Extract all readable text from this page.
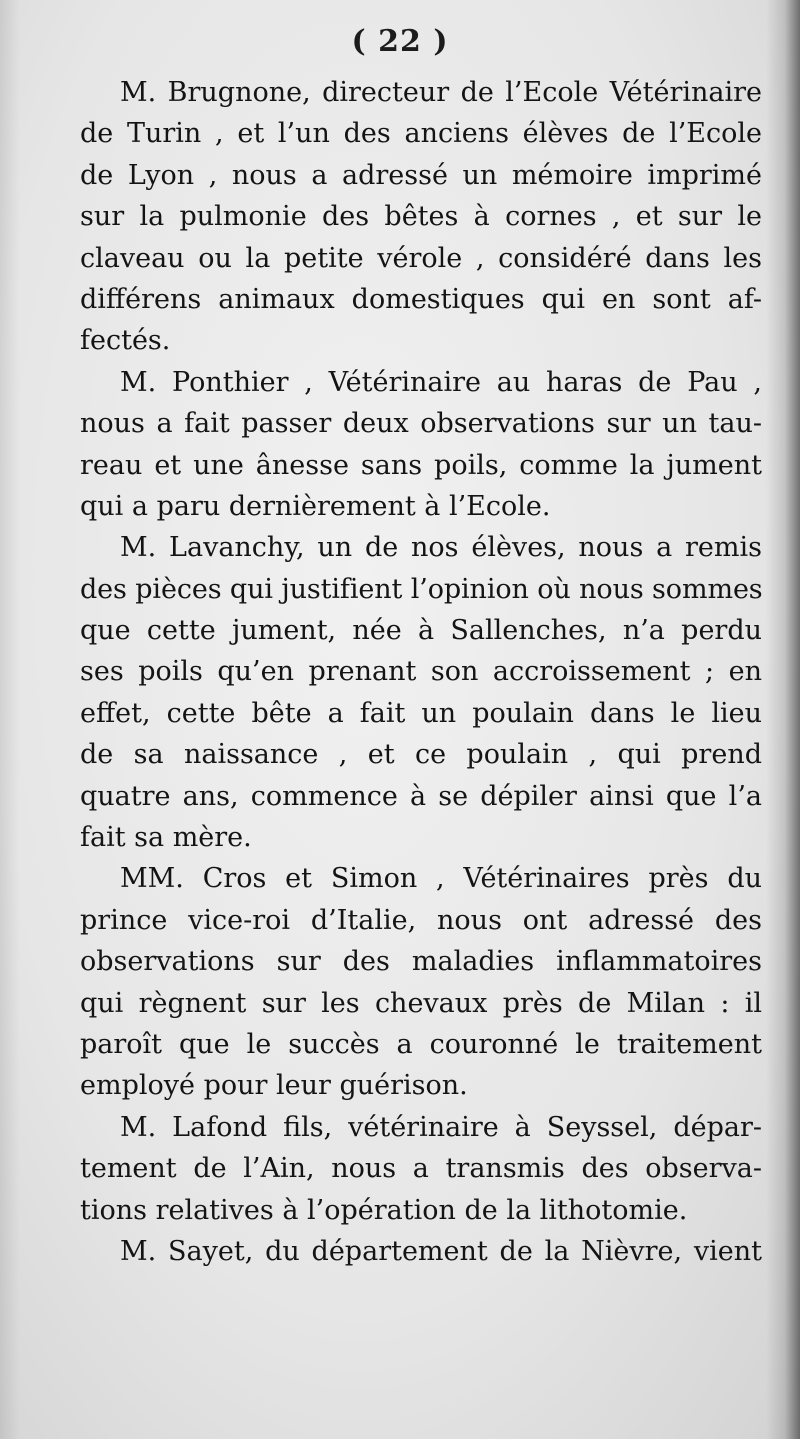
( 22 )
M. Brugnone, directeur de l’Ecole Vétérinaire
de Turin , et l’un des anciens élèves de l’Ecole
de Lyon , nous a adressé un mémoire imprimé
sur la pulmonie des bêtes à cornes , et sur le
claveau ou la petite vérole , considéré dans les
différens animaux domestiques qui en sont af-
fectés.
M. Ponthier , Vétérinaire au haras de Pau ,
nous a fait passer deux observations sur un tau-
reau et une ânesse sans poils, comme la jument
qui a paru dernièrement à l’Ecole.
M. Lavanchy, un de nos élèves, nous a remis
des pièces qui justifient l’opinion où nous sommes
que cette jument, née à Sallenches, n’a perdu
ses poils qu’en prenant son accroissement ; en
effet, cette bête a fait un poulain dans le lieu
de sa naissance , et ce poulain , qui prend
quatre ans, commence à se dépiler ainsi que l’a
fait sa mère.
MM. Cros et Simon , Vétérinaires près du
prince vice-roi d’Italie, nous ont adressé des
observations sur des maladies inflammatoires
qui règnent sur les chevaux près de Milan : il
paroît que le succès a couronné le traitement
employé pour leur guérison.
M. Lafond fils, vétérinaire à Seyssel, dépar-
tement de l’Ain, nous a transmis des observa-
tions relatives à l’opération de la lithotomie.
M. Sayet, du département de la Nièvre, vient
